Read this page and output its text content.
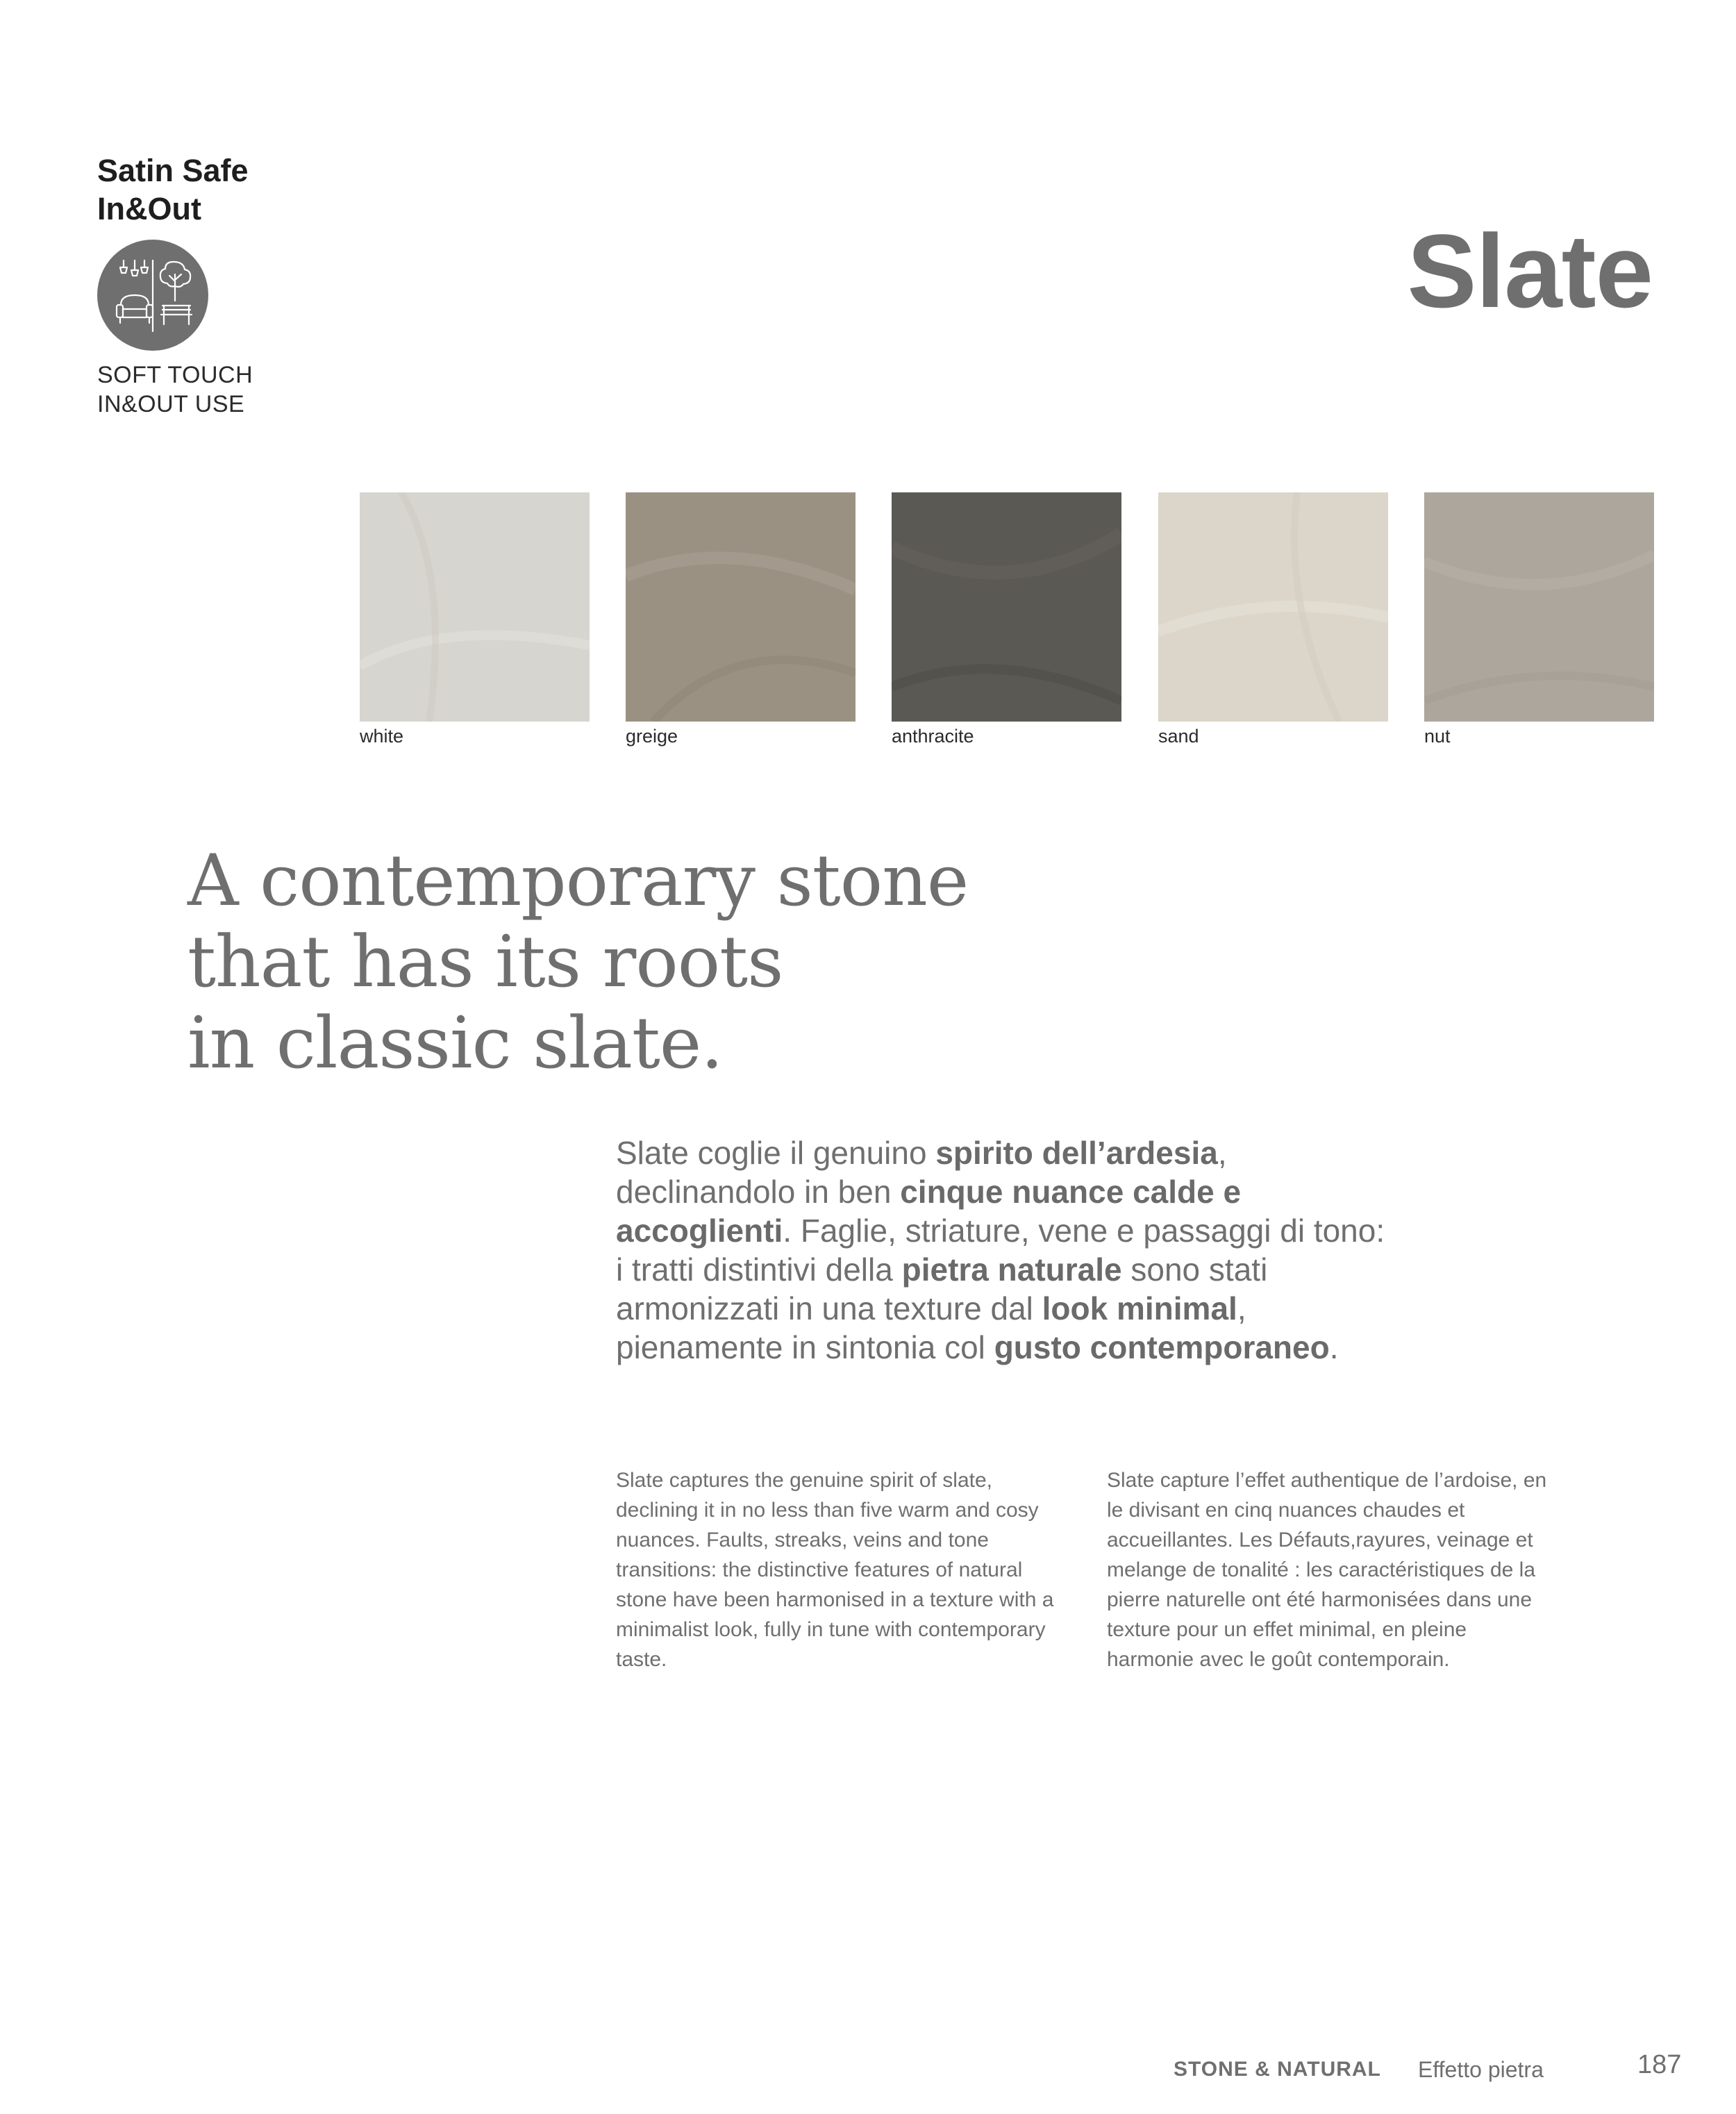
Satin Safe
In&Out
SOFT TOUCH
IN&OUT USE
Slate
white	greige	anthracite	sand	nut
A contemporary stone
that has its roots
in classic slate.
Slate coglie il genuino spirito dell’ardesia, declinandolo in ben cinque nuance calde e accoglienti. Faglie, striature, vene e passaggi di tono: i tratti distintivi della pietra naturale sono stati armonizzati in una texture dal look minimal, pienamente in sintonia col gusto contemporaneo.
Slate captures the genuine spirit of slate, declining it in no less than five warm and cosy nuances. Faults, streaks, veins and tone transitions: the distinctive features of natural stone have been harmonised in a texture with a minimalist look, fully in tune with contemporary taste.
Slate capture l’effet authentique de l’ardoise, en le divisant en cinq nuances chaudes et accueillantes. Les Défauts,rayures, veinage et melange de tonalité : les caractéristiques de la pierre naturelle ont été harmonisées dans une texture pour un effet minimal, en pleine harmonie avec le goût contemporain.
STONE & NATURAL Effetto pietra	187
